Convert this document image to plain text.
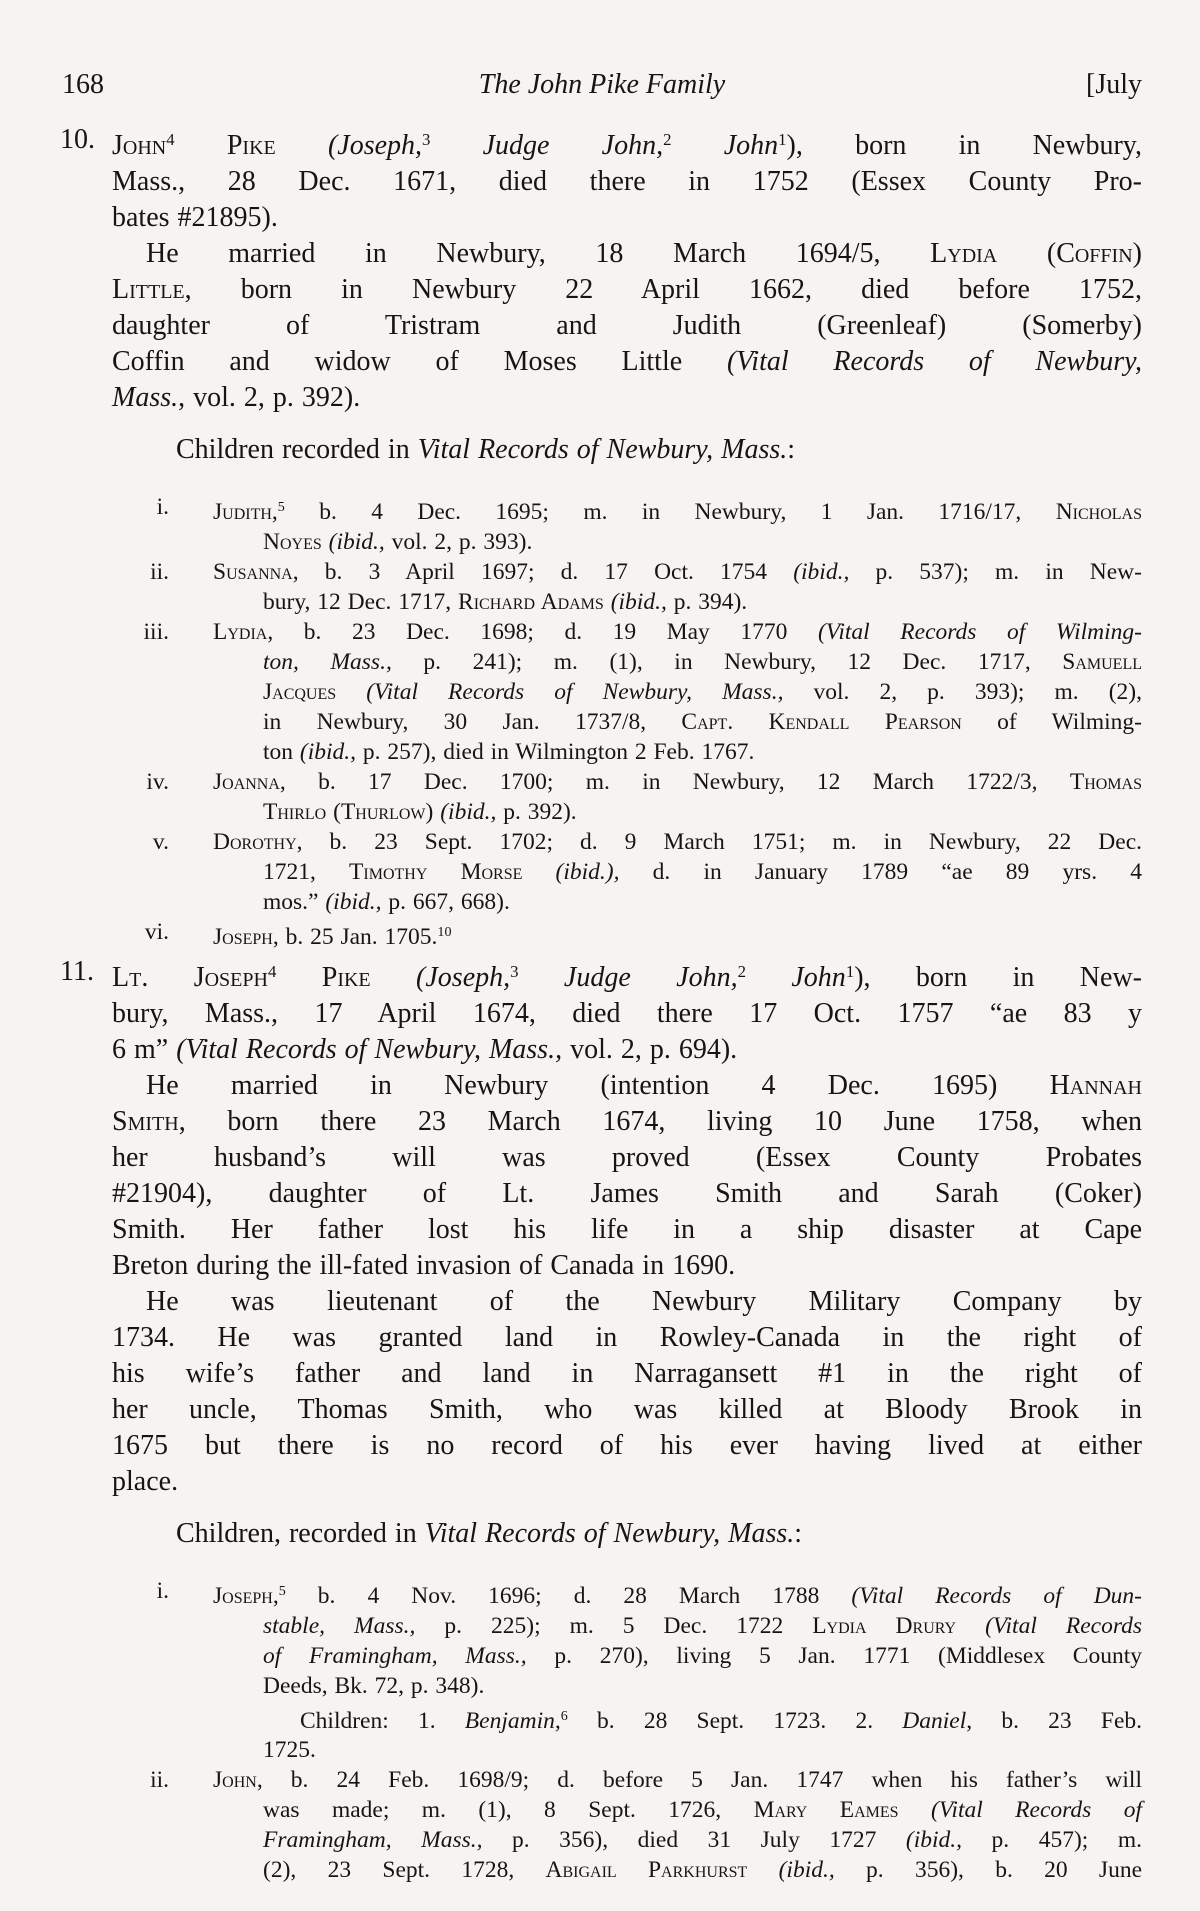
168	The John Pike Family	[July
10. John$^4$ Pike (Joseph,$^3$ Judge John,$^2$ John$^1$), born in Newbury,
Mass., 28 Dec. 1671, died there in 1752 (Essex County Pro-
bates #21895).
He married in Newbury, 18 March 1694/5, Lydia (Coffin)
Little, born in Newbury 22 April 1662, died before 1752,
daughter of Tristram and Judith (Greenleaf) (Somerby)
Coffin and widow of Moses Little (Vital Records of Newbury,
Mass., vol. 2, p. 392).
Children recorded in Vital Records of Newbury, Mass.:
i. Judith,$^5$ b. 4 Dec. 1695; m. in Newbury, 1 Jan. 1716/17, Nicholas
Noyes (ibid., vol. 2, p. 393).
ii. Susanna, b. 3 April 1697; d. 17 Oct. 1754 (ibid., p. 537); m. in New-
bury, 12 Dec. 1717, Richard Adams (ibid., p. 394).
iii. Lydia, b. 23 Dec. 1698; d. 19 May 1770 (Vital Records of Wilming-
ton, Mass., p. 241); m. (1), in Newbury, 12 Dec. 1717, Samuell
Jacques (Vital Records of Newbury, Mass., vol. 2, p. 393); m. (2),
in Newbury, 30 Jan. 1737/8, Capt. Kendall Pearson of Wilming-
ton (ibid., p. 257), died in Wilmington 2 Feb. 1767.
iv. Joanna, b. 17 Dec. 1700; m. in Newbury, 12 March 1722/3, Thomas
Thirlo (Thurlow) (ibid., p. 392).
v. Dorothy, b. 23 Sept. 1702; d. 9 March 1751; m. in Newbury, 22 Dec.
1721, Timothy Morse (ibid.), d. in January 1789 “ae 89 yrs. 4
mos.” (ibid., p. 667, 668).
vi. Joseph, b. 25 Jan. 1705.10
11. Lt. Joseph$^4$ Pike (Joseph,$^3$ Judge John,$^2$ John$^1$), born in New-
bury, Mass., 17 April 1674, died there 17 Oct. 1757 “ae 83 y
6 m” (Vital Records of Newbury, Mass., vol. 2, p. 694).
He married in Newbury (intention 4 Dec. 1695) Hannah
Smith, born there 23 March 1674, living 10 June 1758, when
her husband’s will was proved (Essex County Probates
#21904), daughter of Lt. James Smith and Sarah (Coker)
Smith. Her father lost his life in a ship disaster at Cape
Breton during the ill-fated invasion of Canada in 1690.
He was lieutenant of the Newbury Military Company by
1734. He was granted land in Rowley-Canada in the right of
his wife’s father and land in Narragansett #1 in the right of
her uncle, Thomas Smith, who was killed at Bloody Brook in
1675 but there is no record of his ever having lived at either
place.
Children, recorded in Vital Records of Newbury, Mass.:
i. Joseph,$^5$ b. 4 Nov. 1696; d. 28 March 1788 (Vital Records of Dun-
stable, Mass., p. 225); m. 5 Dec. 1722 Lydia Drury (Vital Records
of Framingham, Mass., p. 270), living 5 Jan. 1771 (Middlesex County
Deeds, Bk. 72, p. 348).
Children: 1. Benjamin,$^6$ b. 28 Sept. 1723. 2. Daniel, b. 23 Feb.
1725.
ii. John, b. 24 Feb. 1698/9; d. before 5 Jan. 1747 when his father’s will
was made; m. (1), 8 Sept. 1726, Mary Eames (Vital Records of
Framingham, Mass., p. 356), died 31 July 1727 (ibid., p. 457); m.
(2), 23 Sept. 1728, Abigail Parkhurst (ibid., p. 356), b. 20 June
